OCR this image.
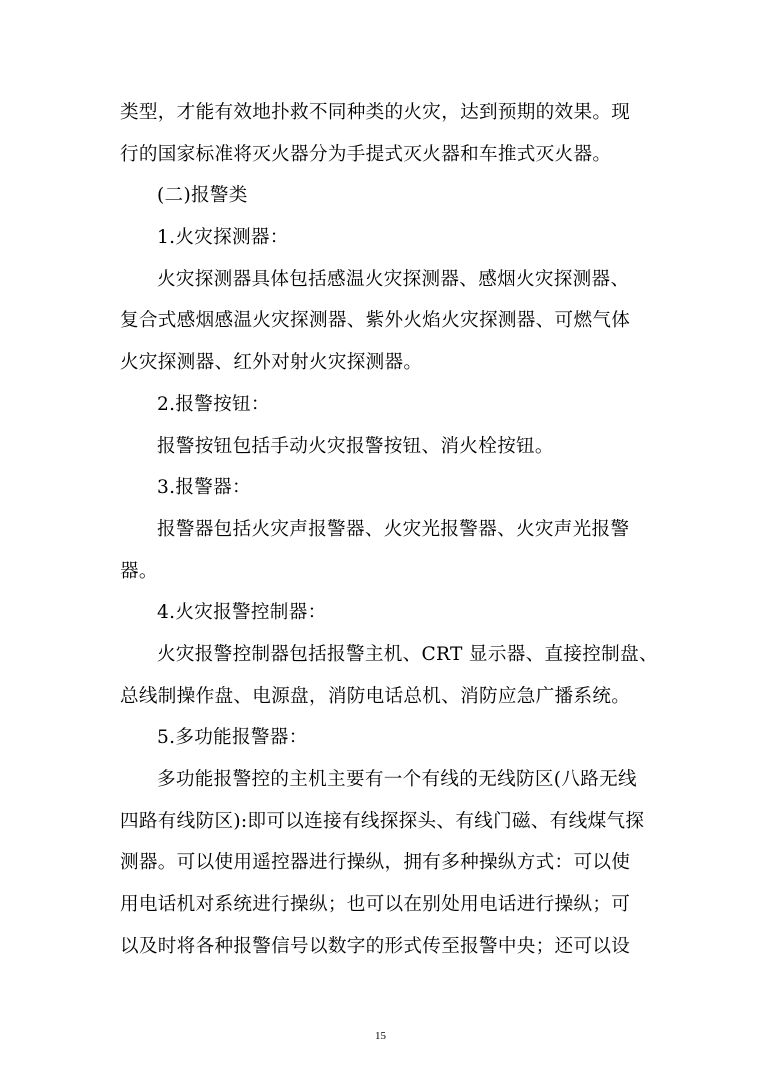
类型，才能有效地扑救不同种类的火灾，达到预期的效果。现
行的国家标准将灭火器分为手提式灭火器和车推式灭火器。
(二)报警类
1.火灾探测器：
火灾探测器具体包括感温火灾探测器、感烟火灾探测器、
复合式感烟感温火灾探测器、紫外火焰火灾探测器、可燃气体
火灾探测器、红外对射火灾探测器。
2.报警按钮：
报警按钮包括手动火灾报警按钮、消火栓按钮。
3.报警器：
报警器包括火灾声报警器、火灾光报警器、火灾声光报警
器。
4.火灾报警控制器：
火灾报警控制器包括报警主机、CRT 显示器、直接控制盘、
总线制操作盘、电源盘，消防电话总机、消防应急广播系统。
5.多功能报警器：
多功能报警控的主机主要有一个有线的无线防区(八路无线
四路有线防区):即可以连接有线探探头、有线门磁、有线煤气探
测器。可以使用遥控器进行操纵，拥有多种操纵方式：可以使
用电话机对系统进行操纵；也可以在别处用电话进行操纵；可
以及时将各种报警信号以数字的形式传至报警中央；还可以设
15
